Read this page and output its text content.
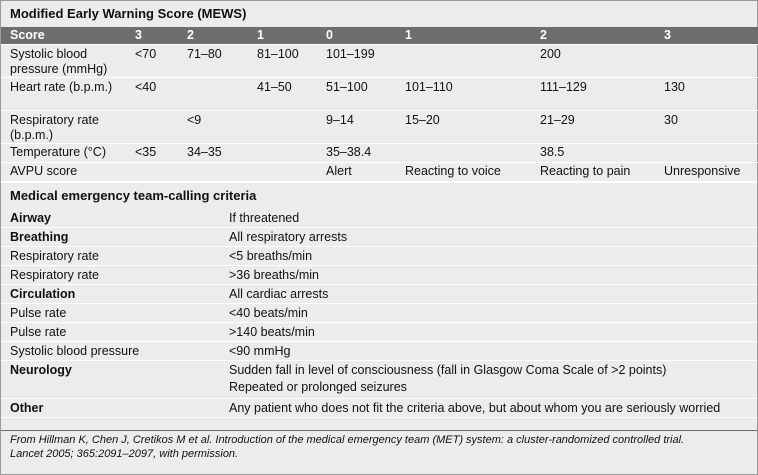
Modified Early Warning Score (MEWS)
Score	3	2	1	0	1	2	3
Systolic blood pressure (mmHg)	<70	71–80	81–100	101–199		200	
Heart rate (b.p.m.)	<40		41–50	51–100	101–110	111–129	130
Respiratory rate (b.p.m.)		<9		9–14	15–20	21–29	30
Temperature (°C)	<35	34–35		35–38.4		38.5	
AVPU score				Alert	Reacting to voice	Reacting to pain	Unresponsive
Medical emergency team-calling criteria
Airway	If threatened
Breathing	All respiratory arrests
Respiratory rate	<5 breaths/min
Respiratory rate	>36 breaths/min
Circulation	All cardiac arrests
Pulse rate	<40 beats/min
Pulse rate	>140 beats/min
Systolic blood pressure	<90 mmHg
Neurology	Sudden fall in level of consciousness (fall in Glasgow Coma Scale of >2 points)
Repeated or prolonged seizures

Other	Any patient who does not fit the criteria above, but about whom you are seriously worried
From Hillman K, Chen J, Cretikos M et al. Introduction of the medical emergency team (MET) system: a cluster-randomized controlled trial.
Lancet 2005; 365:2091–2097, with permission.
